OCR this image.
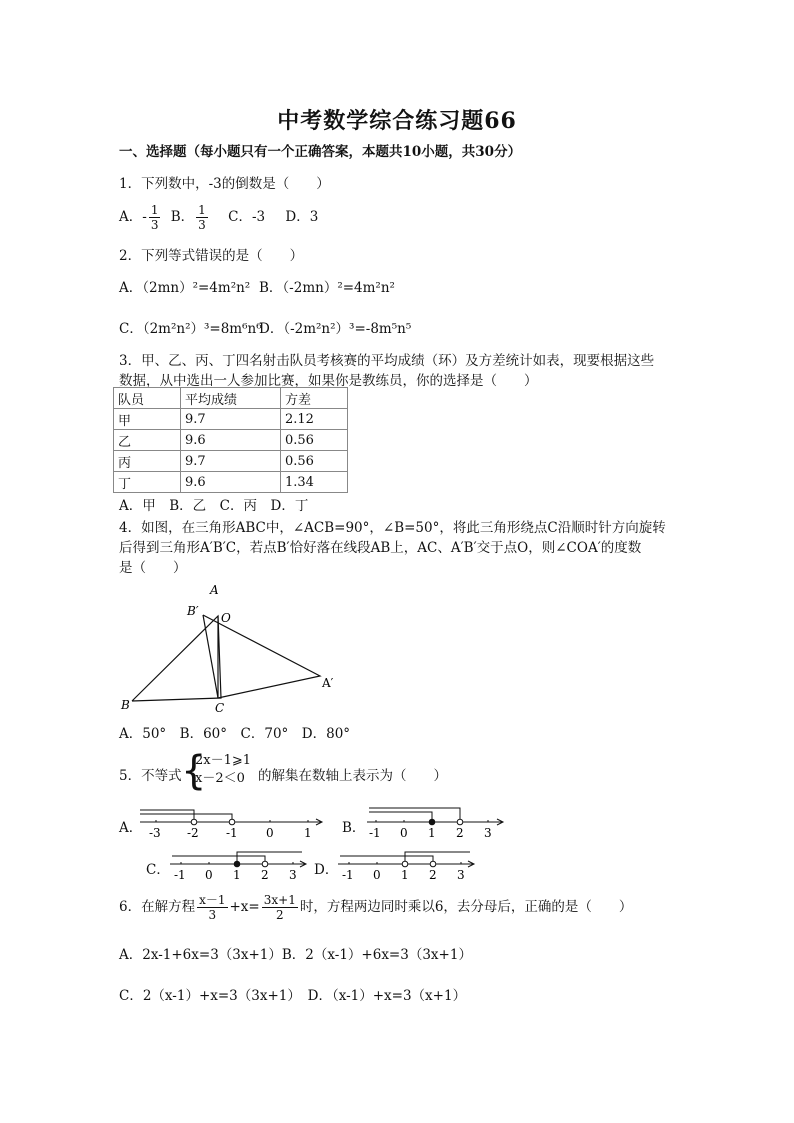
中考数学综合练习题66
一、选择题（每小题只有一个正确答案，本题共10小题，共30分）
1．下列数中，-3的倒数是（　　）
A．- $\frac{1}{3}$ B． $\frac{1}{3}$ C．-3 D．3
2．下列等式错误的是（　　）
A．（2mn）²=4m²n² B．（-2mn）²=4m²n²
C．（2m²n²）³=8m⁶n⁶
D．（-2m²n²）³=-8m⁵n⁵
3．甲、乙、丙、丁四名射击队员考核赛的平均成绩（环）及方差统计如表，现要根据这些
数据，从中选出一人参加比赛，如果你是教练员，你的选择是（　　）
队员	平均成绩	方差
甲	9.7	2.12
乙	9.6	0.56
丙	9.7	0.56
丁	9.6	1.34
A．甲　B．乙　C．丙　D．丁
4．如图，在三角形ABC中，∠ACB=90°，∠B=50°，将此三角形绕点C沿顺时针方向旋转
后得到三角形A′B′C，若点B′恰好落在线段AB上，AC、A′B′交于点O，则∠COA′的度数
是（　　）
A
B′ O
A′
B	C
A．50°　B．60°　C．70°　D．80°
5．不等式 {
2x－1⩾1
x－2＜0 的解集在数轴上表示为（　　）
A．	B．
C．	D．
-3 -2 -1 0	1	-1 0 1 2 3
-1 0 1 2 3	-1 0 1 2 3
6．在解方程 $\frac{x-1}{3} +x= \frac{3x+1}{2}$ 时，方程两边同时乘以6，去分母后，正确的是（　　）
A．2x-1+6x=3（3x+1）B．2（x-1）+6x=3（3x+1）
C．2（x-1）+x=3（3x+1）　D．（x-1）+x=3（x+1）
